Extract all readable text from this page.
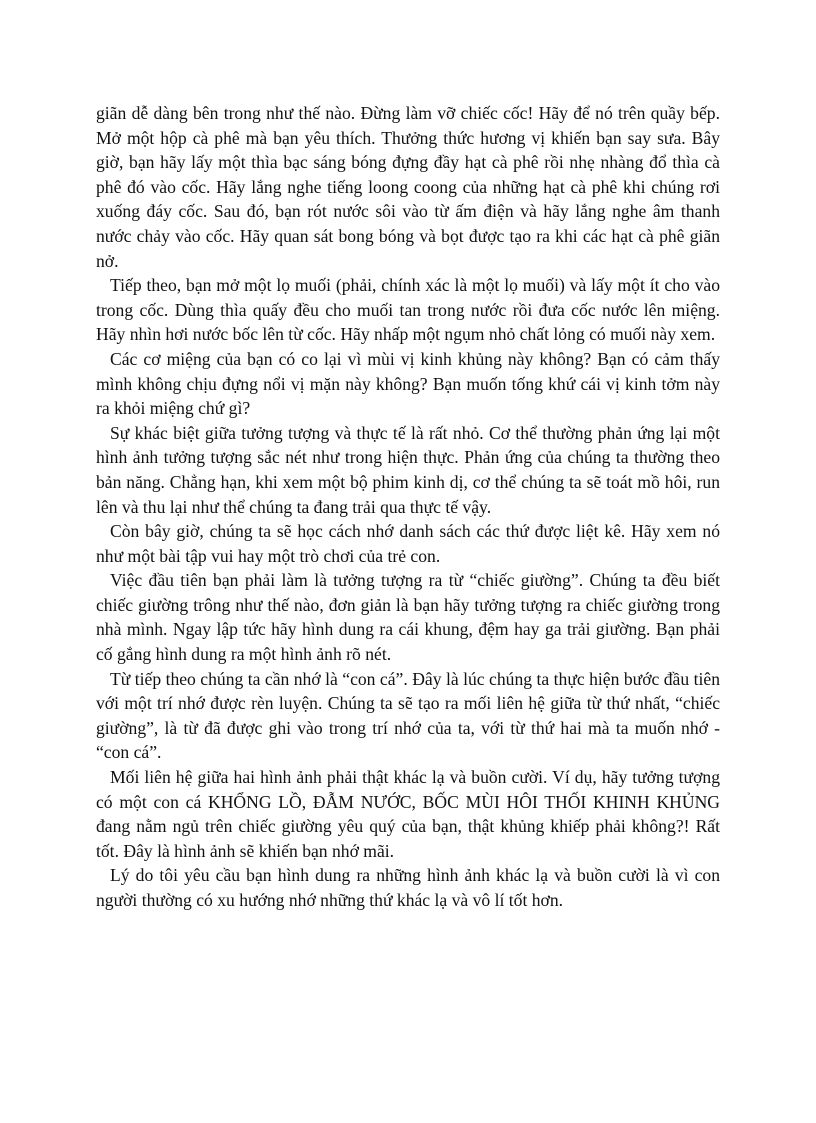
giãn dễ dàng bên trong như thế nào. Đừng làm vỡ chiếc cốc! Hãy để nó trên quầy bếp. Mở một hộp cà phê mà bạn yêu thích. Thưởng thức hương vị khiến bạn say sưa. Bây giờ, bạn hãy lấy một thìa bạc sáng bóng đựng đầy hạt cà phê rồi nhẹ nhàng đổ thìa cà phê đó vào cốc. Hãy lắng nghe tiếng loong coong của những hạt cà phê khi chúng rơi xuống đáy cốc. Sau đó, bạn rót nước sôi vào từ ấm điện và hãy lắng nghe âm thanh nước chảy vào cốc. Hãy quan sát bong bóng và bọt được tạo ra khi các hạt cà phê giãn nở.

Tiếp theo, bạn mở một lọ muối (phải, chính xác là một lọ muối) và lấy một ít cho vào trong cốc. Dùng thìa quấy đều cho muối tan trong nước rồi đưa cốc nước lên miệng. Hãy nhìn hơi nước bốc lên từ cốc. Hãy nhấp một ngụm nhỏ chất lỏng có muối này xem.

Các cơ miệng của bạn có co lại vì mùi vị kinh khủng này không? Bạn có cảm thấy mình không chịu đựng nổi vị mặn này không? Bạn muốn tống khứ cái vị kinh tởm này ra khỏi miệng chứ gì?

Sự khác biệt giữa tưởng tượng và thực tế là rất nhỏ. Cơ thể thường phản ứng lại một hình ảnh tưởng tượng sắc nét như trong hiện thực. Phản ứng của chúng ta thường theo bản năng. Chẳng hạn, khi xem một bộ phim kinh dị, cơ thể chúng ta sẽ toát mồ hôi, run lên và thu lại như thể chúng ta đang trải qua thực tế vậy.

Còn bây giờ, chúng ta sẽ học cách nhớ danh sách các thứ được liệt kê. Hãy xem nó như một bài tập vui hay một trò chơi của trẻ con.

Việc đầu tiên bạn phải làm là tưởng tượng ra từ “chiếc giường”. Chúng ta đều biết chiếc giường trông như thế nào, đơn giản là bạn hãy tưởng tượng ra chiếc giường trong nhà mình. Ngay lập tức hãy hình dung ra cái khung, đệm hay ga trải giường. Bạn phải cố gắng hình dung ra một hình ảnh rõ nét.

Từ tiếp theo chúng ta cần nhớ là “con cá”. Đây là lúc chúng ta thực hiện bước đầu tiên với một trí nhớ được rèn luyện. Chúng ta sẽ tạo ra mối liên hệ giữa từ thứ nhất, “chiếc giường”, là từ đã được ghi vào trong trí nhớ của ta, với từ thứ hai mà ta muốn nhớ - “con cá”.

Mối liên hệ giữa hai hình ảnh phải thật khác lạ và buồn cười. Ví dụ, hãy tưởng tượng có một con cá KHỔNG LỒ, ĐẪM NƯỚC, BỐC MÙI HÔI THỐI KHINH KHỦNG đang nằm ngủ trên chiếc giường yêu quý của bạn, thật khủng khiếp phải không?! Rất tốt. Đây là hình ảnh sẽ khiến bạn nhớ mãi.

Lý do tôi yêu cầu bạn hình dung ra những hình ảnh khác lạ và buồn cười là vì con người thường có xu hướng nhớ những thứ khác lạ và vô lí tốt hơn.
